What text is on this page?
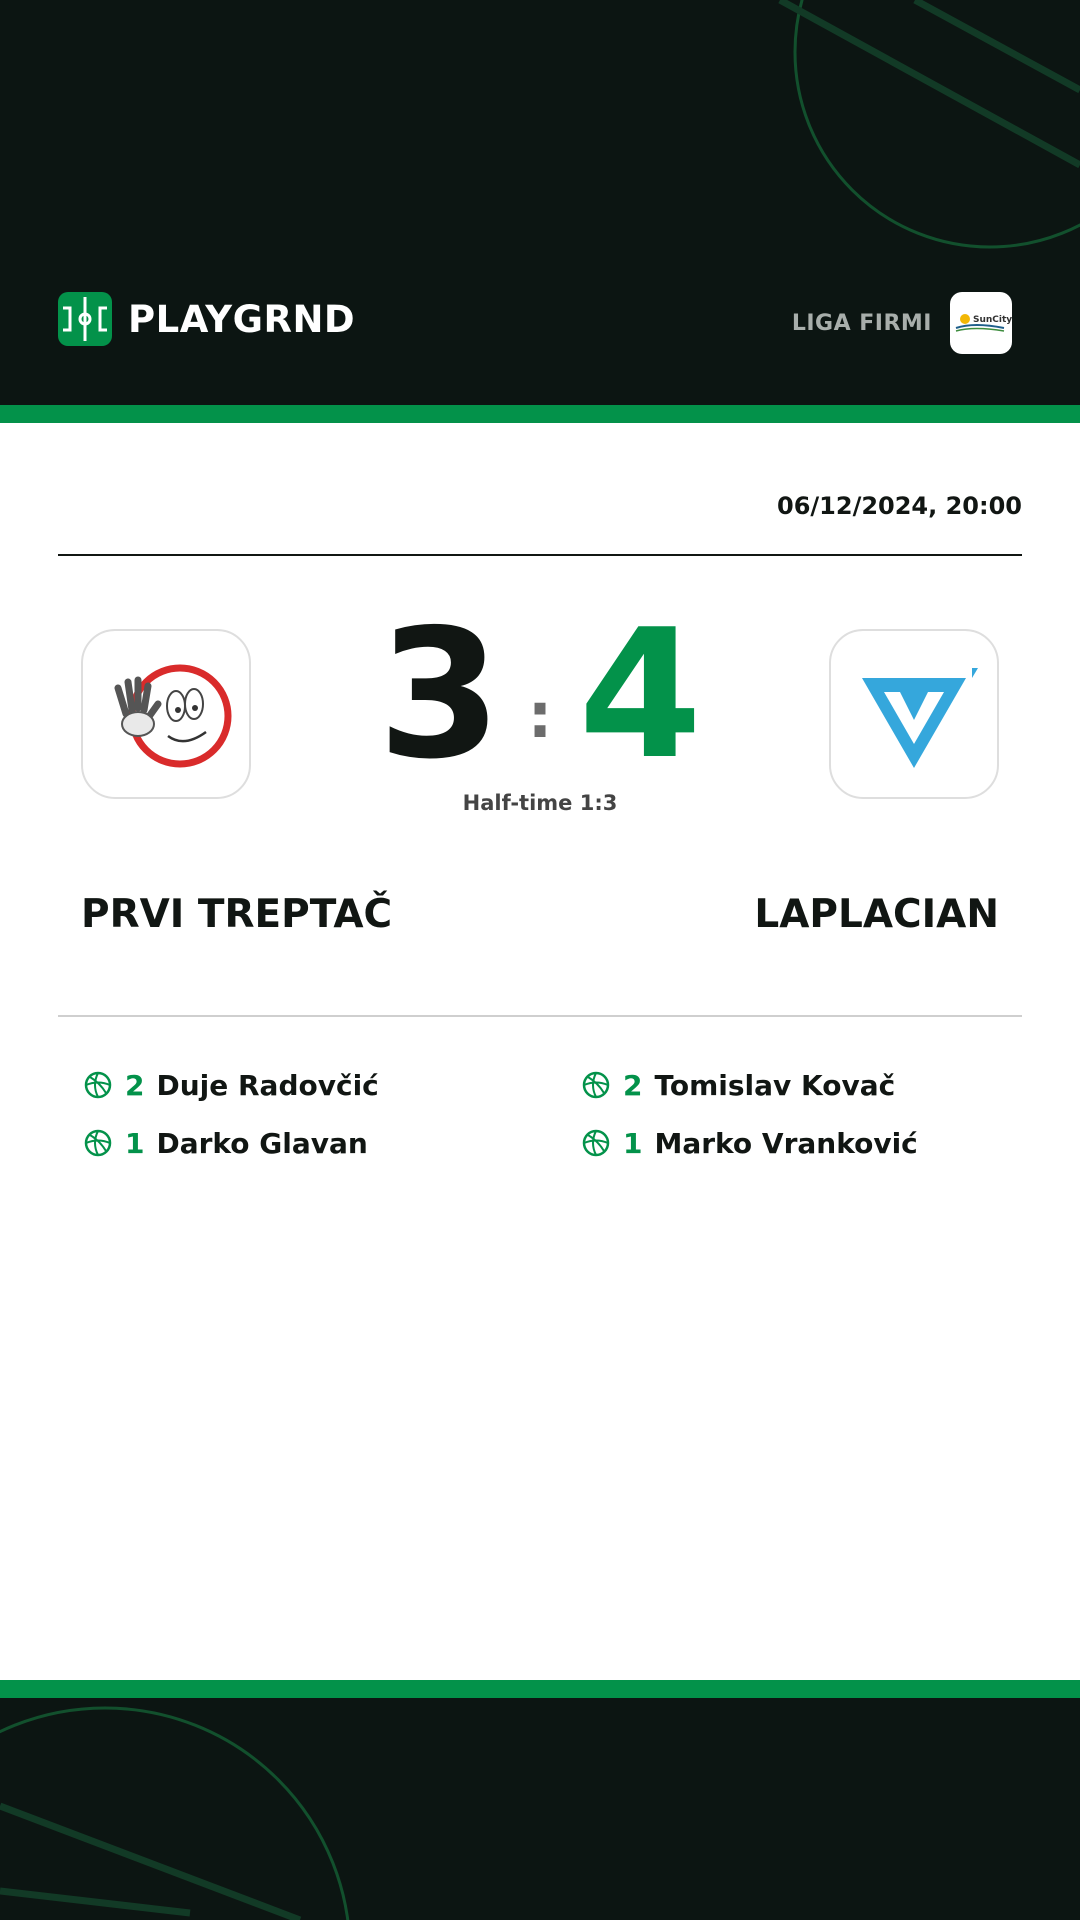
PLAYGRND	LIGA FIRMI	SunCity
06/12/2024, 20:00
3 : 4
Half-time 1:3
PRVI TREPTAČ	LAPLACIAN
2 Duje Radovčić
1 Darko Glavan
2 Tomislav Kovač
1 Marko Vranković
